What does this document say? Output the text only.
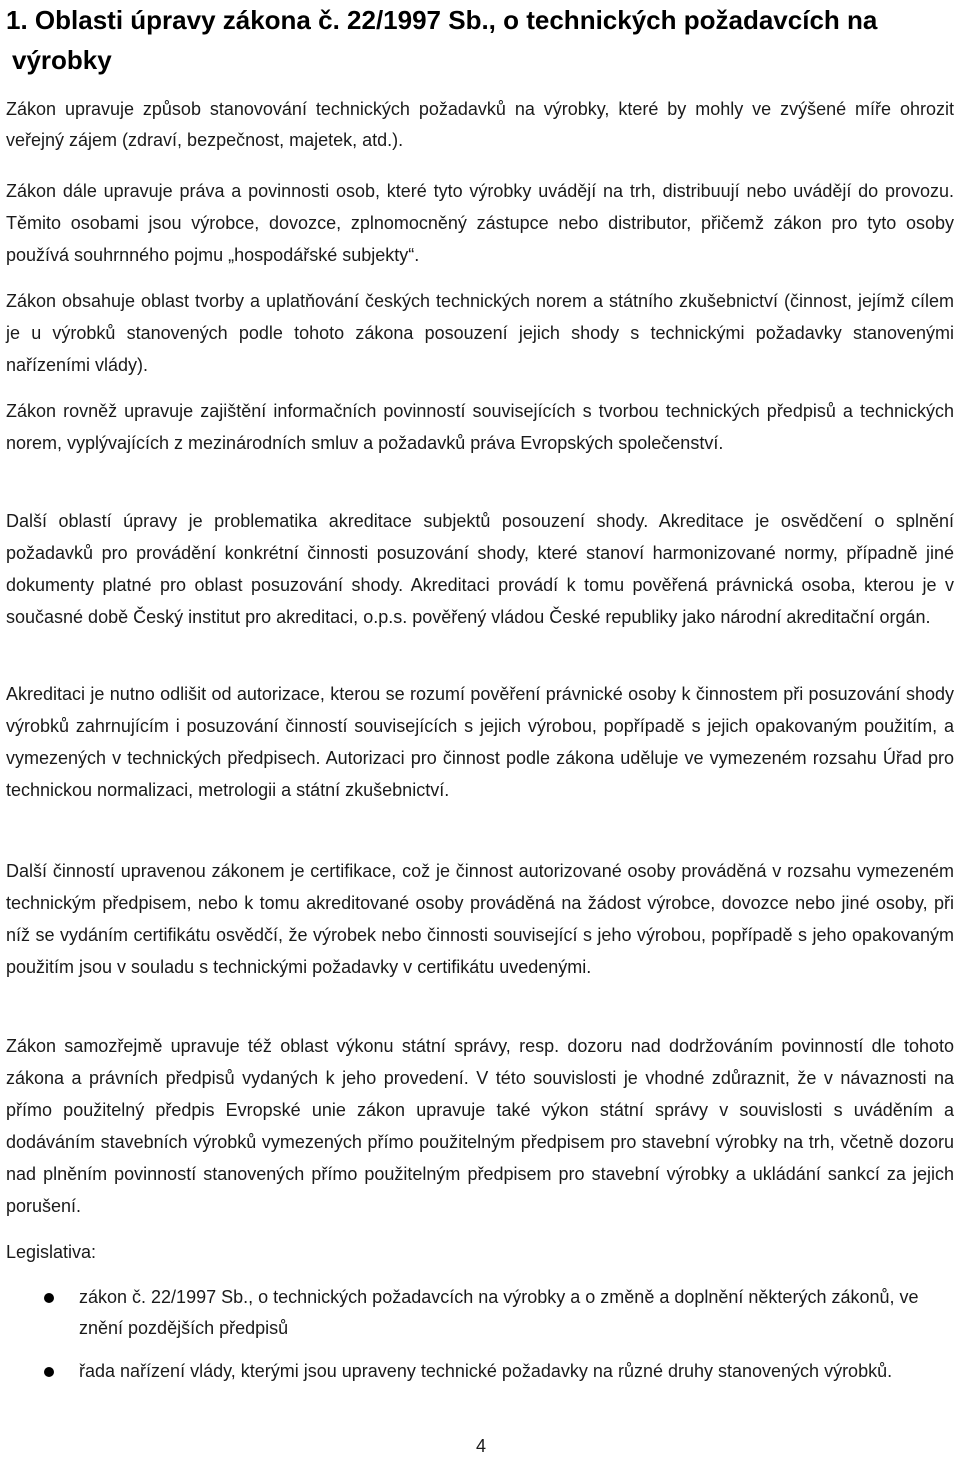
1. Oblasti úpravy zákona č. 22/1997 Sb., o technických požadavcích na výrobky

Zákon upravuje způsob stanovování technických požadavků na výrobky, které by mohly ve zvýšené míře ohrozit veřejný zájem (zdraví, bezpečnost, majetek, atd.).

Zákon dále upravuje práva a povinnosti osob, které tyto výrobky uvádějí na trh, distribuují nebo uvádějí do provozu. Těmito osobami jsou výrobce, dovozce, zplnomocněný zástupce nebo distributor, přičemž zákon pro tyto osoby používá souhrnného pojmu „hospodářské subjekty“.

Zákon obsahuje oblast tvorby a uplatňování českých technických norem a státního zkušebnictví (činnost, jejímž cílem je u výrobků stanovených podle tohoto zákona posouzení jejich shody s technickými požadavky stanovenými nařízeními vlády).

Zákon rovněž upravuje zajištění informačních povinností souvisejících s tvorbou technických předpisů a technických norem, vyplývajících z mezinárodních smluv a požadavků práva Evropských společenství.

Další oblastí úpravy je problematika akreditace subjektů posouzení shody. Akreditace je osvědčení o splnění požadavků pro provádění konkrétní činnosti posuzování shody, které stanoví harmonizované normy, případně jiné dokumenty platné pro oblast posuzování shody. Akreditaci provádí k tomu pověřená právnická osoba, kterou je v současné době Český institut pro akreditaci, o.p.s. pověřený vládou České republiky jako národní akreditační orgán.

Akreditaci je nutno odlišit od autorizace, kterou se rozumí pověření právnické osoby k činnostem při posuzování shody výrobků zahrnujícím i posuzování činností souvisejících s jejich výrobou, popřípadě s jejich opakovaným použitím, a vymezených v technických předpisech. Autorizaci pro činnost podle zákona uděluje ve vymezeném rozsahu Úřad pro technickou normalizaci, metrologii a státní zkušebnictví.

Další činností upravenou zákonem je certifikace, což je činnost autorizované osoby prováděná v rozsahu vymezeném technickým předpisem, nebo k tomu akreditované osoby prováděná na žádost výrobce, dovozce nebo jiné osoby, při níž se vydáním certifikátu osvědčí, že výrobek nebo činnosti související s jeho výrobou, popřípadě s jeho opakovaným použitím jsou v souladu s technickými požadavky v certifikátu uvedenými.

Zákon samozřejmě upravuje též oblast výkonu státní správy, resp. dozoru nad dodržováním povinností dle tohoto zákona a právních předpisů vydaných k jeho provedení. V této souvislosti je vhodné zdůraznit, že v návaznosti na přímo použitelný předpis Evropské unie zákon upravuje také výkon státní správy v souvislosti s uváděním a dodáváním stavebních výrobků vymezených přímo použitelným předpisem pro stavební výrobky na trh, včetně dozoru nad plněním povinností stanovených přímo použitelným předpisem pro stavební výrobky a ukládání sankcí za jejich porušení.

Legislativa:

zákon č. 22/1997 Sb., o technických požadavcích na výrobky a o změně a doplnění některých zákonů, ve znění pozdějších předpisů
řada nařízení vlády, kterými jsou upraveny technické požadavky na různé druhy stanovených výrobků.
4
